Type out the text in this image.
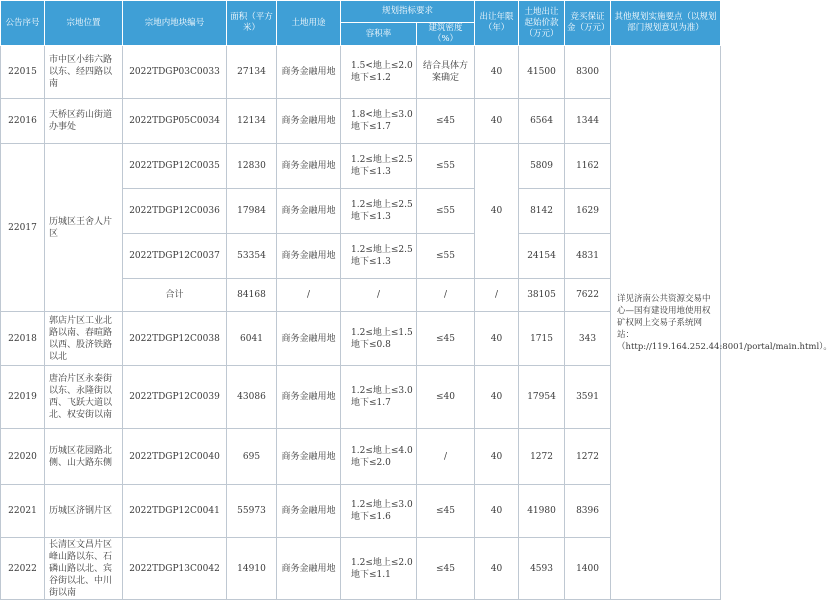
公告序号	宗地位置	宗地内地块编号	面积（平方米）	土地用途	规划指标要求		出让年限（年）	土地出让起始价款（万元）	竞买保证金（万元）	其他规划实施要点（以规划部门规划意见为准）
					容积率	建筑密度（%）				
22015	市中区小纬六路以东、经四路以南	2022TDGP03C0033	27134	商务金融用地	1.5<地上≤2.0
地下≤1.2	结合具体方案确定	40	41500	8300	详见济南公共资源交易中心—国有建设用地使用权矿权网上交易子系统网站：（http://119.164.252.44:8001/portal/main.html）。
22016	天桥区药山街道办事处	2022TDGP05C0034	12134	商务金融用地	1.8<地上≤3.0
地下≤1.7	≤45	40	6564	1344	
22017	历城区王舍人片区	2022TDGP12C0035	12830	商务金融用地	1.2≤地上≤2.5
地下≤1.3	≤55	40	5809	1162	
		2022TDGP12C0036	17984	商务金融用地	1.2≤地上≤2.5
地下≤1.3	≤55		8142	1629	
		2022TDGP12C0037	53354	商务金融用地	1.2≤地上≤2.5
地下≤1.3	≤55		24154	4831	
		合计	84168	/	/	/	/	38105	7622	
22018	郭店片区工业北路以南、春暄路以西、股济铁路以北	2022TDGP12C0038	6041	商务金融用地	1.2≤地上≤1.5
地下≤0.8	≤45	40	1715	343	
22019	唐冶片区永泰街以东、永隆街以西、飞跃大道以北、权安街以南	2022TDGP12C0039	43086	商务金融用地	1.2≤地上≤3.0
地下≤1.7	≤40	40	17954	3591	
22020	历城区花园路北侧、山大路东侧	2022TDGP12C0040	695	商务金融用地	1.2≤地上≤4.0
地下≤2.0	/	40	1272	1272	
22021	历城区济钢片区	2022TDGP12C0041	55973	商务金融用地	1.2≤地上≤3.0
地下≤1.6	≤45	40	41980	8396	
22022	长清区文昌片区峰山路以东、石磷山路以北、宾谷街以北、中川街以南	2022TDGP13C0042	14910	商务金融用地	1.2≤地上≤2.0
地下≤1.1	≤45	40	4593	1400	
